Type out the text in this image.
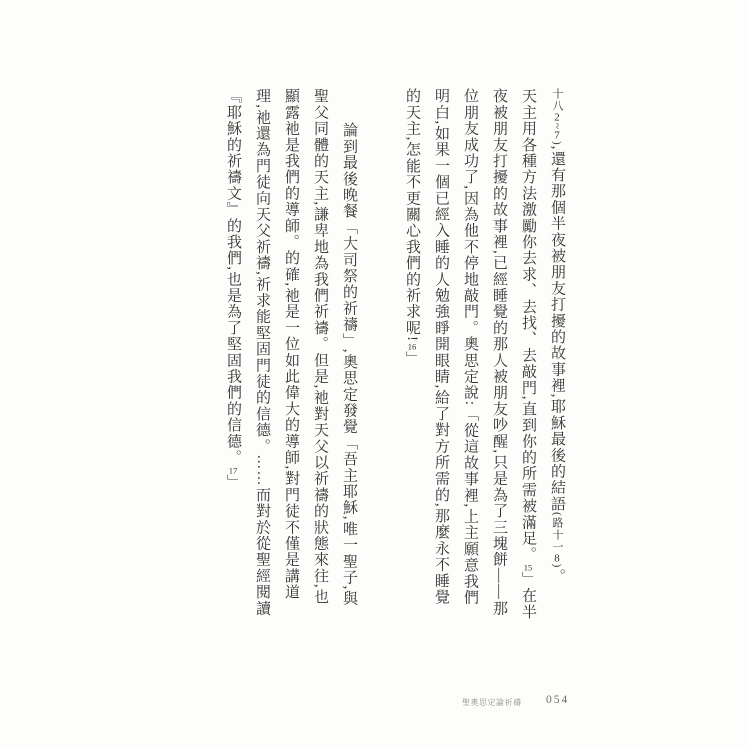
十八2~7),還有那個半夜被朋友打擾的故事裡,耶穌最後的結語(路十一8)。

天主用各種方法激勵你去求、去找、去敲門,直到你的所需被滿足。15」在半

夜被朋友打擾的故事裡,已經睡覺的那人被朋友吵醒,只是為了三塊餅——那

位朋友成功了,因為他不停地敲門。奧思定說:「從這故事裡,上主願意我們

明白,如果一個已經入睡的人勉強睜開眼睛,給了對方所需的,那麼永不睡覺

的天主,怎能不更關心我們的祈求呢!16」

論到最後晚餐「大司祭的祈禱」,奧思定發覺「吾主耶穌,唯一聖子,與

聖父同體的天主,謙卑地為我們祈禱。但是,祂對天父以祈禱的狀態來往,也

顯露祂是我們的導師。的確,祂是一位如此偉大的導師,對門徒不僅是講道

理,祂還為門徒向天父祈禱,祈求能堅固門徒的信德。……而對於從聖經閱讀

『耶穌的祈禱文』的我們,也是為了堅固我們的信德。17」

聖奧思定論祈禱 054
